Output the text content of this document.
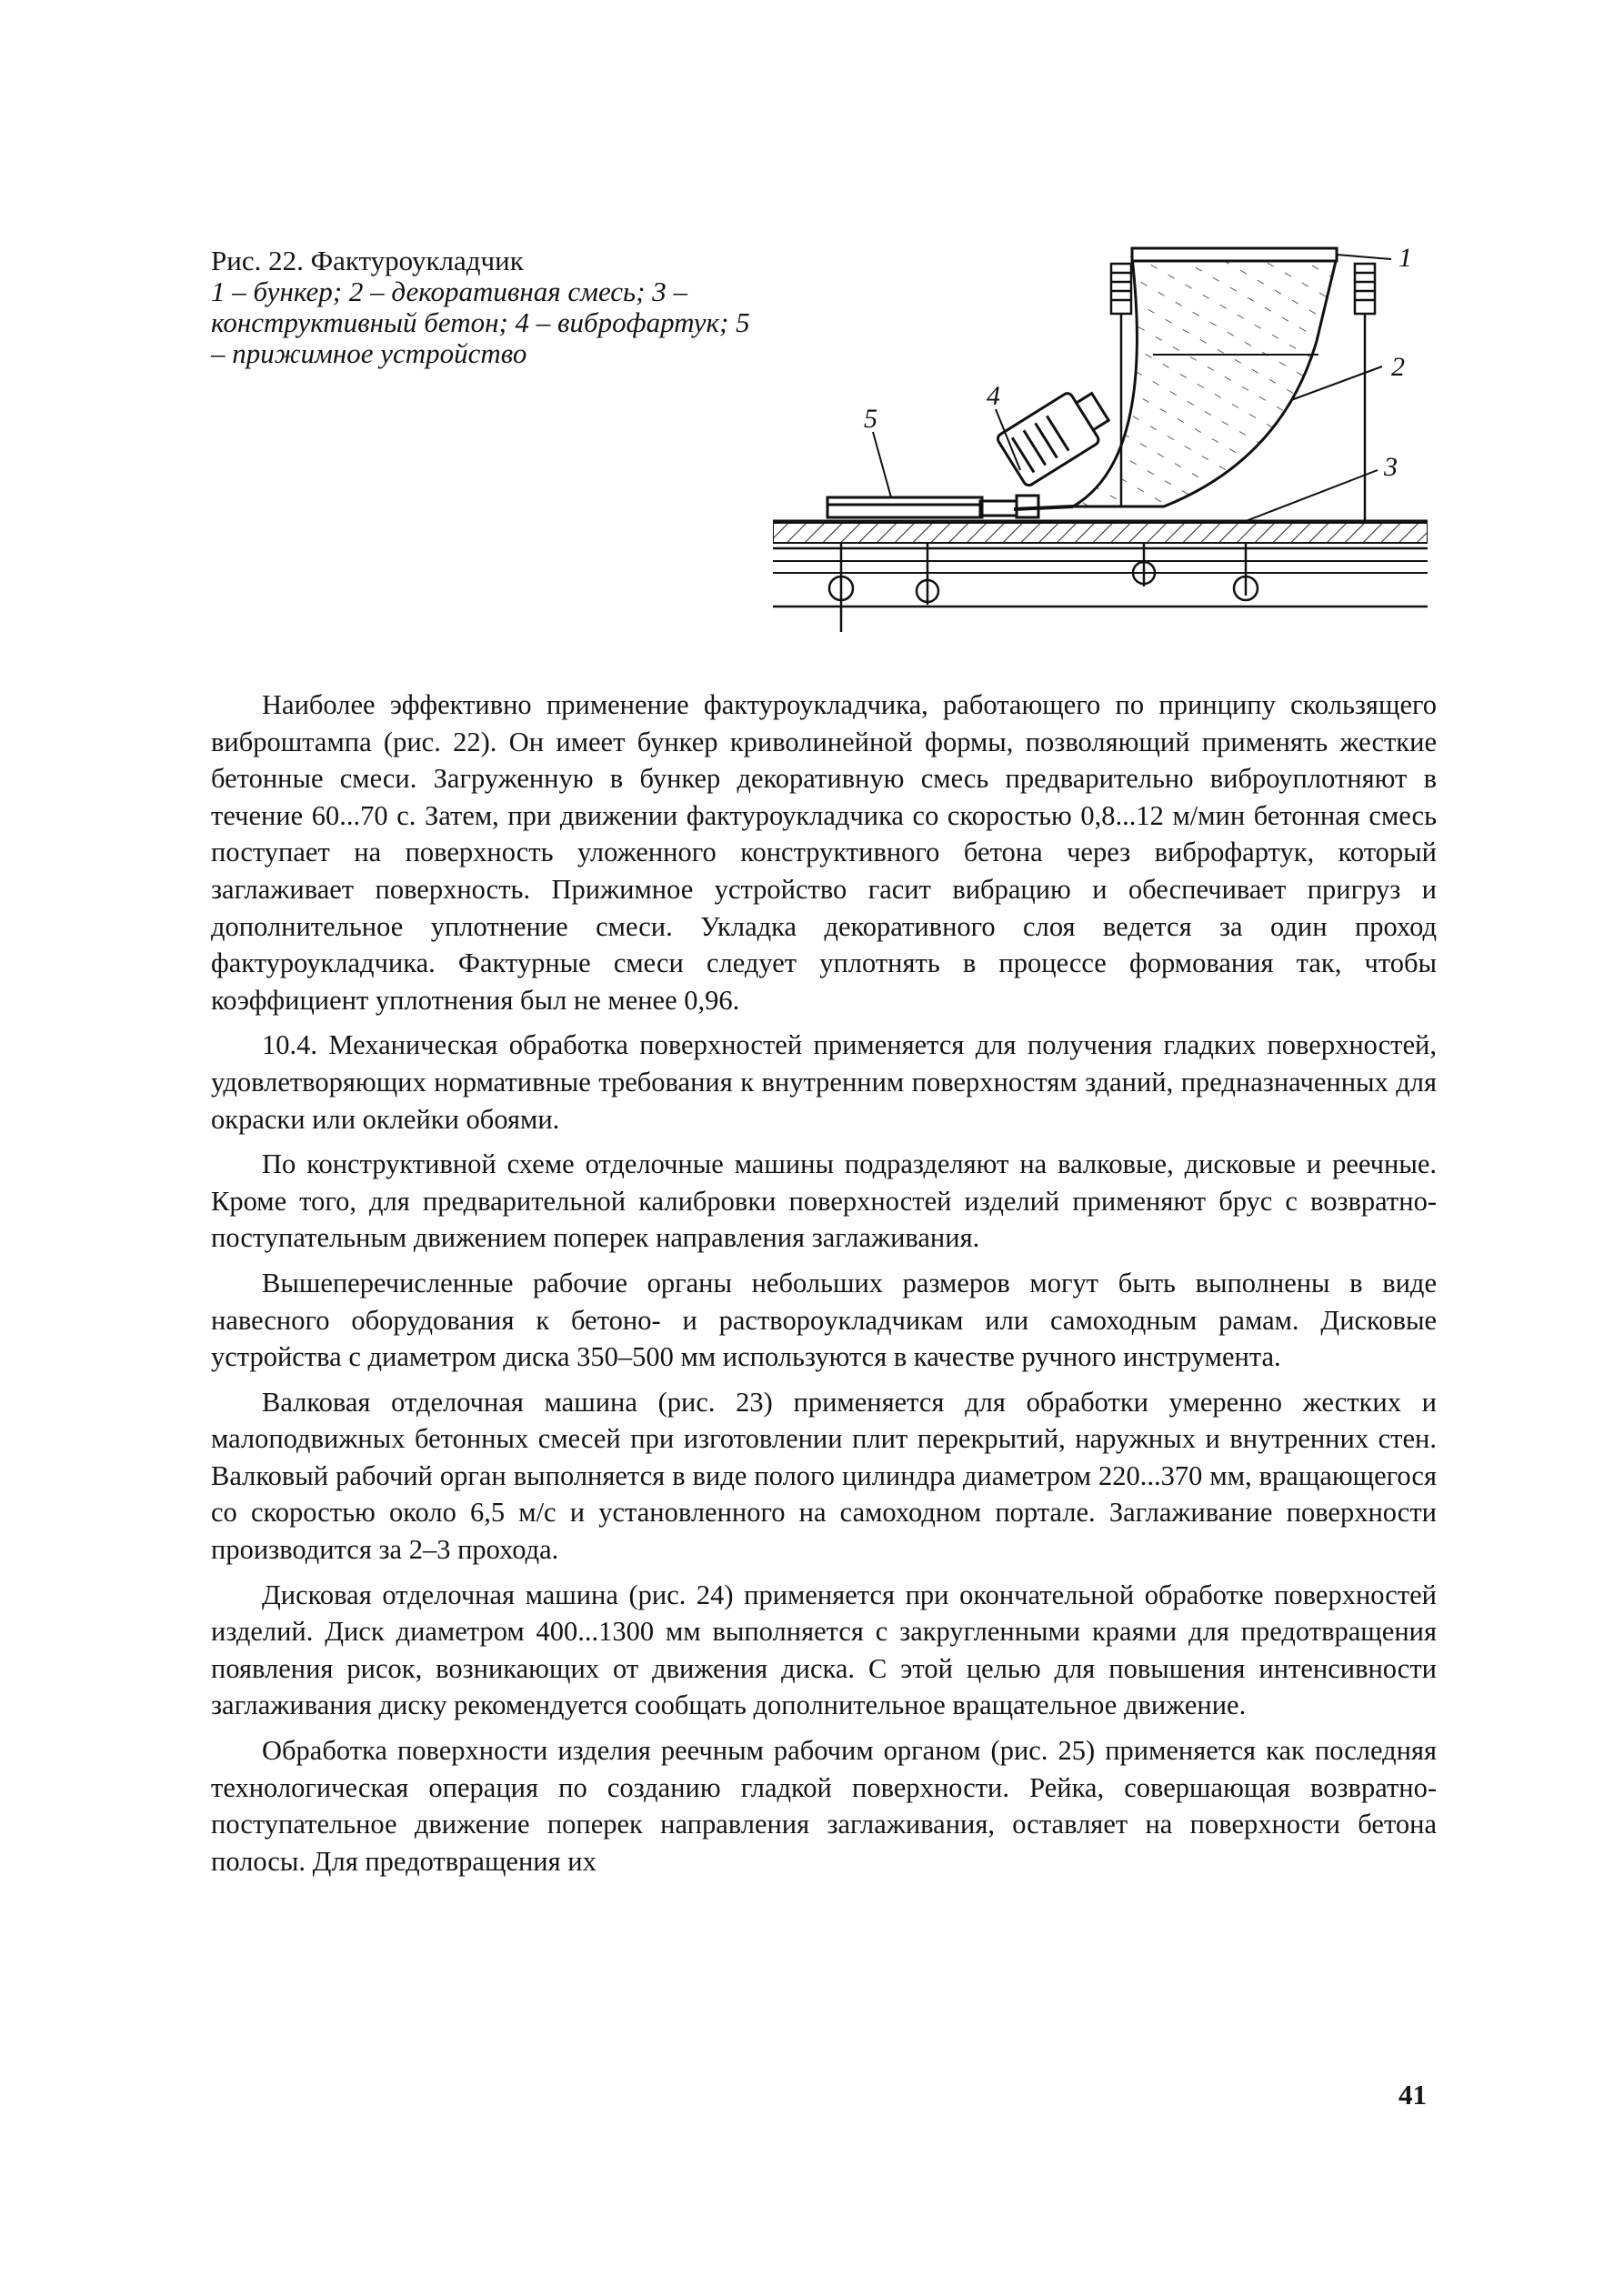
Рис. 22. Фактуроукладчик
1 – бункер; 2 – декоративная смесь; 3 – конструктивный бетон; 4 – виброфартук; 5 – прижимное устройство
1
2
3
4
5

Наиболее эффективно применение фактуроукладчика, работающего по принципу скользящего виброштампа (рис. 22). Он имеет бункер криволинейной формы, позволяющий применять жесткие бетонные смеси. Загруженную в бункер декоративную смесь предварительно виброуплотняют в течение 60...70 с. Затем, при движении фактуроукладчика со скоростью 0,8...12 м/мин бетонная смесь поступает на поверхность уложенного конструктивного бетона через виброфартук, который заглаживает поверхность. Прижимное устройство гасит вибрацию и обеспечивает пригруз и дополнительное уплотнение смеси. Укладка декоративного слоя ведется за один проход фактуроукладчика. Фактурные смеси следует уплотнять в процессе формования так, чтобы коэффициент уплотнения был не менее 0,96.

10.4. Механическая обработка поверхностей применяется для получения гладких поверхностей, удовлетворяющих нормативные требования к внутренним поверхностям зданий, предназначенных для окраски или оклейки обоями.

По конструктивной схеме отделочные машины подразделяют на валковые, дисковые и реечные. Кроме того, для предварительной калибровки поверхностей изделий применяют брус с возвратно-поступательным движением поперек направления заглаживания.

Вышеперечисленные рабочие органы небольших размеров могут быть выполнены в виде навесного оборудования к бетоно- и растворoукладчикам или самоходным рамам. Дисковые устройства с диаметром диска 350–500 мм используются в качестве ручного инструмента.

Валковая отделочная машина (рис. 23) применяется для обработки умеренно жестких и малоподвижных бетонных смесей при изготовлении плит перекрытий, наружных и внутренних стен. Валковый рабочий орган выполняется в виде полого цилиндра диаметром 220...370 мм, вращающегося со скоростью около 6,5 м/с и установленного на самоходном портале. Заглаживание поверхности производится за 2–3 прохода.

Дисковая отделочная машина (рис. 24) применяется при окончательной обработке поверхностей изделий. Диск диаметром 400...1300 мм выполняется с закругленными краями для предотвращения появления рисок, возникающих от движения диска. С этой целью для повышения интенсивности заглаживания диску рекомендуется сообщать дополнительное вращательное движение.

Обработка поверхности изделия реечным рабочим органом (рис. 25) применяется как последняя технологическая операция по созданию гладкой поверхности. Рейка, совершающая возвратно-поступательное движение поперек направления заглаживания, оставляет на поверхности бетона полосы. Для предотвращения их

41
